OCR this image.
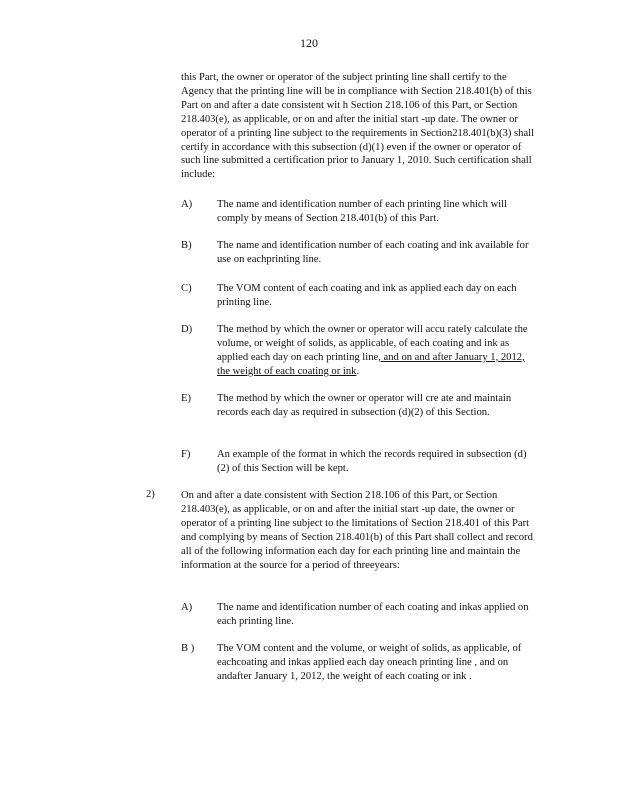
120
this Part, the owner or operator of the subject printing line shall certify to the Agency that the printing line will be in compliance with Section 218.401(b) of this Part on and after a date consistent wit h Section 218.106 of this Part, or Section 218.403(e), as applicable, or on and after the initial start -up date. The owner or operator of a printing line subject to the requirements in Section218.401(b)(3) shall certify in accordance with this subsection (d)(1) even if the owner or operator of such line submitted a certification prior to January 1, 2010. Such certification shall include:
A) The name and identification number of each printing line which will comply by means of Section 218.401(b) of this Part.
B) The name and identification number of each coating and ink available for use on eachprinting line.
C) The VOM content of each coating and ink as applied each day on each printing line.
D) The method by which the owner or operator will accu rately calculate the volume, or weight of solids, as applicable, of each coating and ink as applied each day on each printing line, and on and after January 1, 2012, the weight of each coating or ink.
E) The method by which the owner or operator will cre ate and maintain records each day as required in subsection (d)(2) of this Section.
F)	An example of the format in which the records required in subsection (d)(2) of this Section will be kept.
2) On and after a date consistent with Section 218.106 of this Part, or Section 218.403(e), as applicable, or on and after the initial start -up date, the owner or operator of a printing line subject to the limitations of Section 218.401 of this Part and complying by means of Section 218.401(b) of this Part shall collect and record all of the following information each day for each printing line and maintain the information at the source for a period of threeyears:
A) The name and identification number of each coating and inkas applied on each printing line.
B ) The VOM content and the volume, or weight of solids, as applicable, of eachcoating and inkas applied each day oneach printing line , and on andafter January 1, 2012, the weight of each coating or ink .
